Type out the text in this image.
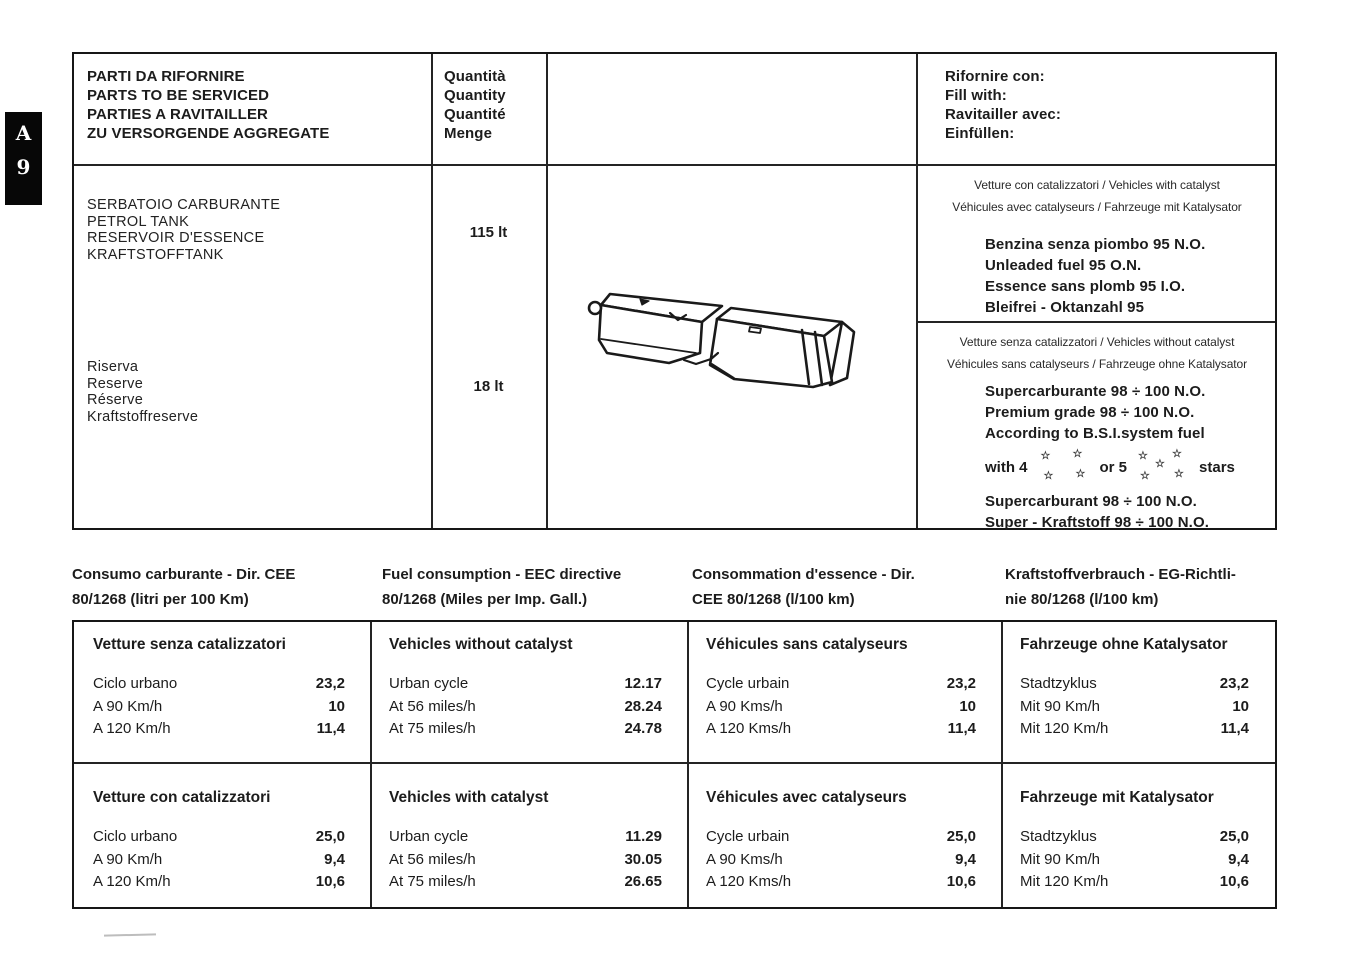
A
9
PARTI DA RIFORNIRE
PARTS TO BE SERVICED
PARTIES A RAVITAILLER
ZU VERSORGENDE AGGREGATE
Quantità
Quantity
Quantité
Menge
Rifornire con:
Fill with:
Ravitailler avec:
Einfüllen:
SERBATOIO CARBURANTE
PETROL TANK
RESERVOIR D'ESSENCE
KRAFTSTOFFTANK
115 lt
Riserva
Reserve
Réserve
Kraftstoffreserve
18 lt
Vetture con catalizzatori / Vehicles with catalyst
Véhicules avec catalyseurs / Fahrzeuge mit Katalysator
Benzina senza piombo 95 N.O.
Unleaded fuel 95 O.N.
Essence sans plomb 95 I.O.
Bleifrei - Oktanzahl 95
Vetture senza catalizzatori / Vehicles without catalyst
Véhicules sans catalyseurs / Fahrzeuge ohne Katalysator
Supercarburante 98 ÷ 100 N.O.
Premium grade 98 ÷ 100 N.O.
According to B.S.I.system fuel
with 4
☆ ☆
☆ ☆ or 5
☆ ☆
☆
☆ ☆ stars
Supercarburant 98 ÷ 100 N.O.
Super - Kraftstoff 98 ÷ 100 N.O.
Consumo carburante - Dir. CEE
80/1268 (litri per 100 Km)
Fuel consumption - EEC directive
80/1268 (Miles per Imp. Gall.)
Consommation d'essence - Dir.
CEE 80/1268 (l/100 km)
Kraftstoffverbrauch - EG-Richtli-
nie 80/1268 (l/100 km)
Vetture senza catalizzatori
Ciclo urbano	23,2
A 90 Km/h	10
A 120 Km/h	11,4
Vehicles without catalyst
Urban cycle	12.17
At 56 miles/h	28.24
At 75 miles/h	24.78
Véhicules sans catalyseurs
Cycle urbain	23,2
A 90 Kms/h	10
A 120 Kms/h	11,4
Fahrzeuge ohne Katalysator
Stadtzyklus	23,2
Mit 90 Km/h	10
Mit 120 Km/h	11,4
Vetture con catalizzatori
Ciclo urbano	25,0
A 90 Km/h	9,4
A 120 Km/h	10,6
Vehicles with catalyst
Urban cycle	11.29
At 56 miles/h	30.05
At 75 miles/h	26.65
Véhicules avec catalyseurs
Cycle urbain	25,0
A 90 Kms/h	9,4
A 120 Kms/h	10,6
Fahrzeuge mit Katalysator
Stadtzyklus	25,0
Mit 90 Km/h	9,4
Mit 120 Km/h	10,6
